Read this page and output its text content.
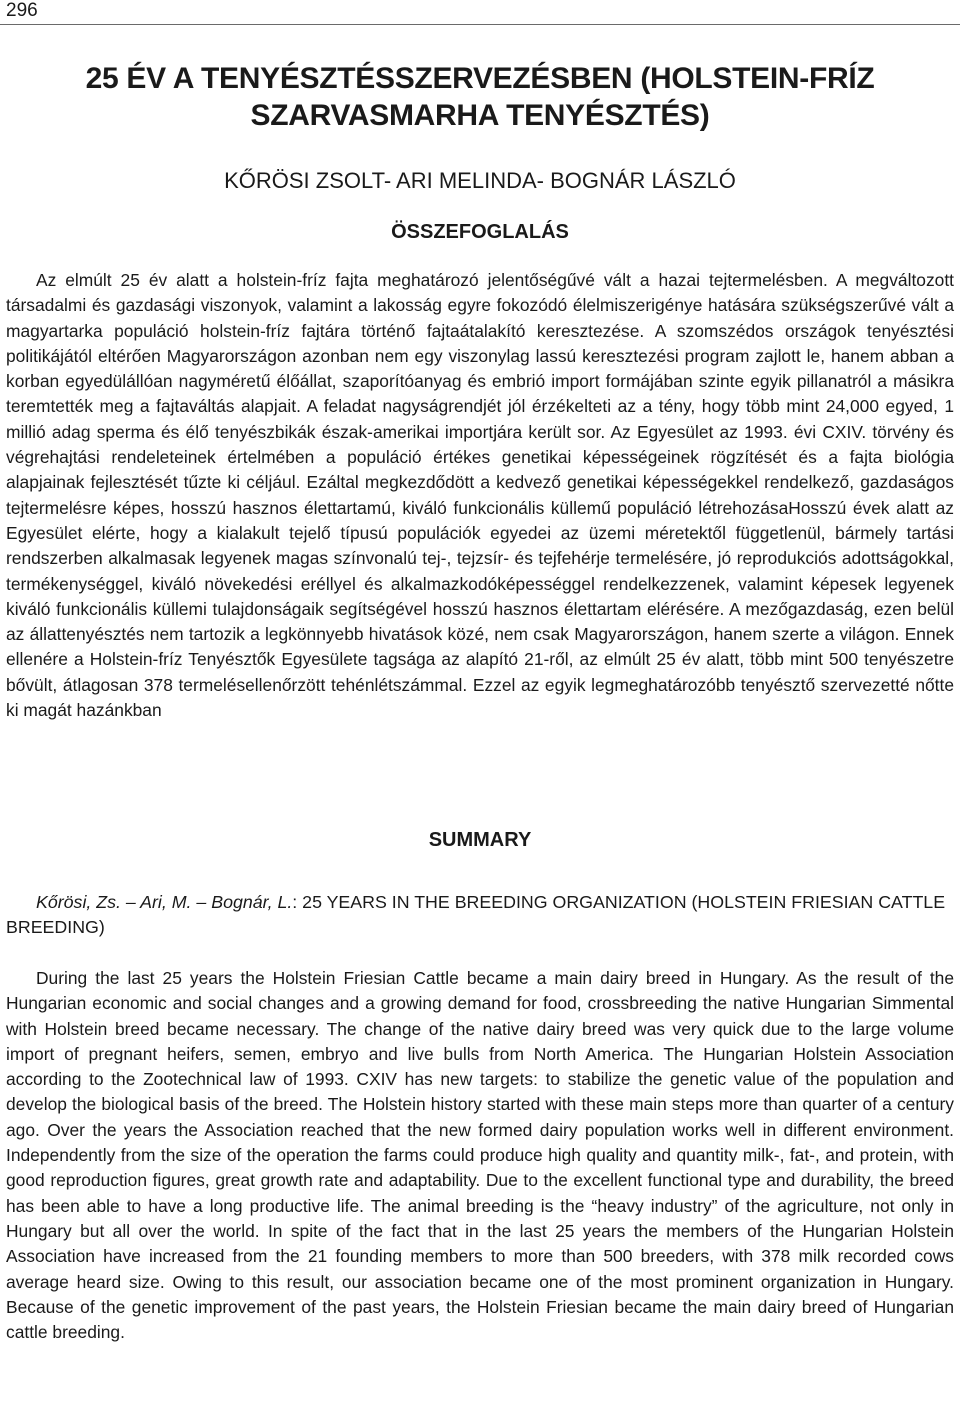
296
25 ÉV A TENYÉSZTÉSSZERVEZÉSBEN (HOLSTEIN-FRÍZ
SZARVASMARHA TENYÉSZTÉS)

KŐRÖSI ZSOLT- ARI MELINDA- BOGNÁR LÁSZLÓ

ÖSSZEFOGLALÁS

Az elmúlt 25 év alatt a holstein-fríz fajta meghatározó jelentőségűvé vált a hazai tejtermelésben. A megváltozott társadalmi és gazdasági viszonyok, valamint a lakosság egyre fokozódó élelmiszerigénye hatására szükségszerűvé vált a magyartarka populáció holstein-fríz fajtára történő fajtaátalakító keresztezése. A szomszédos országok tenyésztési politikájától eltérően Magyarországon azonban nem egy viszonylag lassú keresztezési program zajlott le, hanem abban a korban egyedülállóan nagyméretű élőállat, szaporítóanyag és embrió import formájában szinte egyik pillanatról a másikra teremtették meg a fajtaváltás alapjait. A feladat nagyságrendjét jól érzékelteti az a tény, hogy több mint 24,000 egyed, 1 millió adag sperma és élő tenyészbikák észak-amerikai importjára került sor. Az Egyesület az 1993. évi CXIV. törvény és végrehajtási rendeleteinek értelmében a populáció értékes genetikai képességeinek rögzítését és a fajta biológia alapjainak fejlesztését tűzte ki céljául. Ezáltal megkezdődött a kedvező genetikai képességekkel rendelkező, gazdaságos tejtermelésre képes, hosszú hasznos élettartamú, kiváló funkcionális küllemű populáció létrehozásaHosszú évek alatt az Egyesület elérte, hogy a kialakult tejelő típusú populációk egyedei az üzemi méretektől függetlenül, bármely tartási rendszerben alkalmasak legyenek magas színvonalú tej-, tejzsír- és tejfehérje termelésére, jó reprodukciós adottságokkal, termékenységgel, kiváló növekedési eréllyel és alkalmazkodóképességgel rendelkezzenek, valamint képesek legyenek kiváló funkcionális küllemi tulajdonságaik segítségével hosszú hasznos élettartam elérésére. A mezőgazdaság, ezen belül az állattenyésztés nem tartozik a legkönnyebb hivatások közé, nem csak Magyarországon, hanem szerte a világon. Ennek ellenére a Holstein-fríz Tenyésztők Egyesülete tagsága az alapító 21-ről, az elmúlt 25 év alatt, több mint 500 tenyészetre bővült, átlagosan 378 termelésellenőrzött tehénlétszámmal. Ezzel az egyik legmeghatározóbb tenyésztő szervezetté nőtte ki magát hazánkban

SUMMARY

Kőrösi, Zs. – Ari, M. – Bognár, L.: 25 YEARS IN THE BREEDING ORGANIZATION (HOLSTEIN FRIESIAN CATTLE BREEDING)

During the last 25 years the Holstein Friesian Cattle became a main dairy breed in Hungary. As the result of the Hungarian economic and social changes and a growing demand for food, crossbreeding the native Hungarian Simmental with Holstein breed became necessary. The change of the native dairy breed was very quick due to the large volume import of pregnant heifers, semen, embryo and live bulls from North America. The Hungarian Holstein Association according to the Zootechnical law of 1993. CXIV has new targets: to stabilize the genetic value of the population and develop the biological basis of the breed. The Holstein history started with these main steps more than quarter of a century ago. Over the years the Association reached that the new formed dairy population works well in different environment. Independently from the size of the operation the farms could produce high quality and quantity milk-, fat-, and protein, with good reproduction figures, great growth rate and adaptability. Due to the excellent functional type and durability, the breed has been able to have a long productive life. The animal breeding is the “heavy industry” of the agriculture, not only in Hungary but all over the world. In spite of the fact that in the last 25 years the members of the Hungarian Holstein Association have increased from the 21 founding members to more than 500 breeders, with 378 milk recorded cows average heard size. Owing to this result, our association became one of the most prominent organization in Hungary. Because of the genetic improvement of the past years, the Holstein Friesian became the main dairy breed of Hungarian cattle breeding.
